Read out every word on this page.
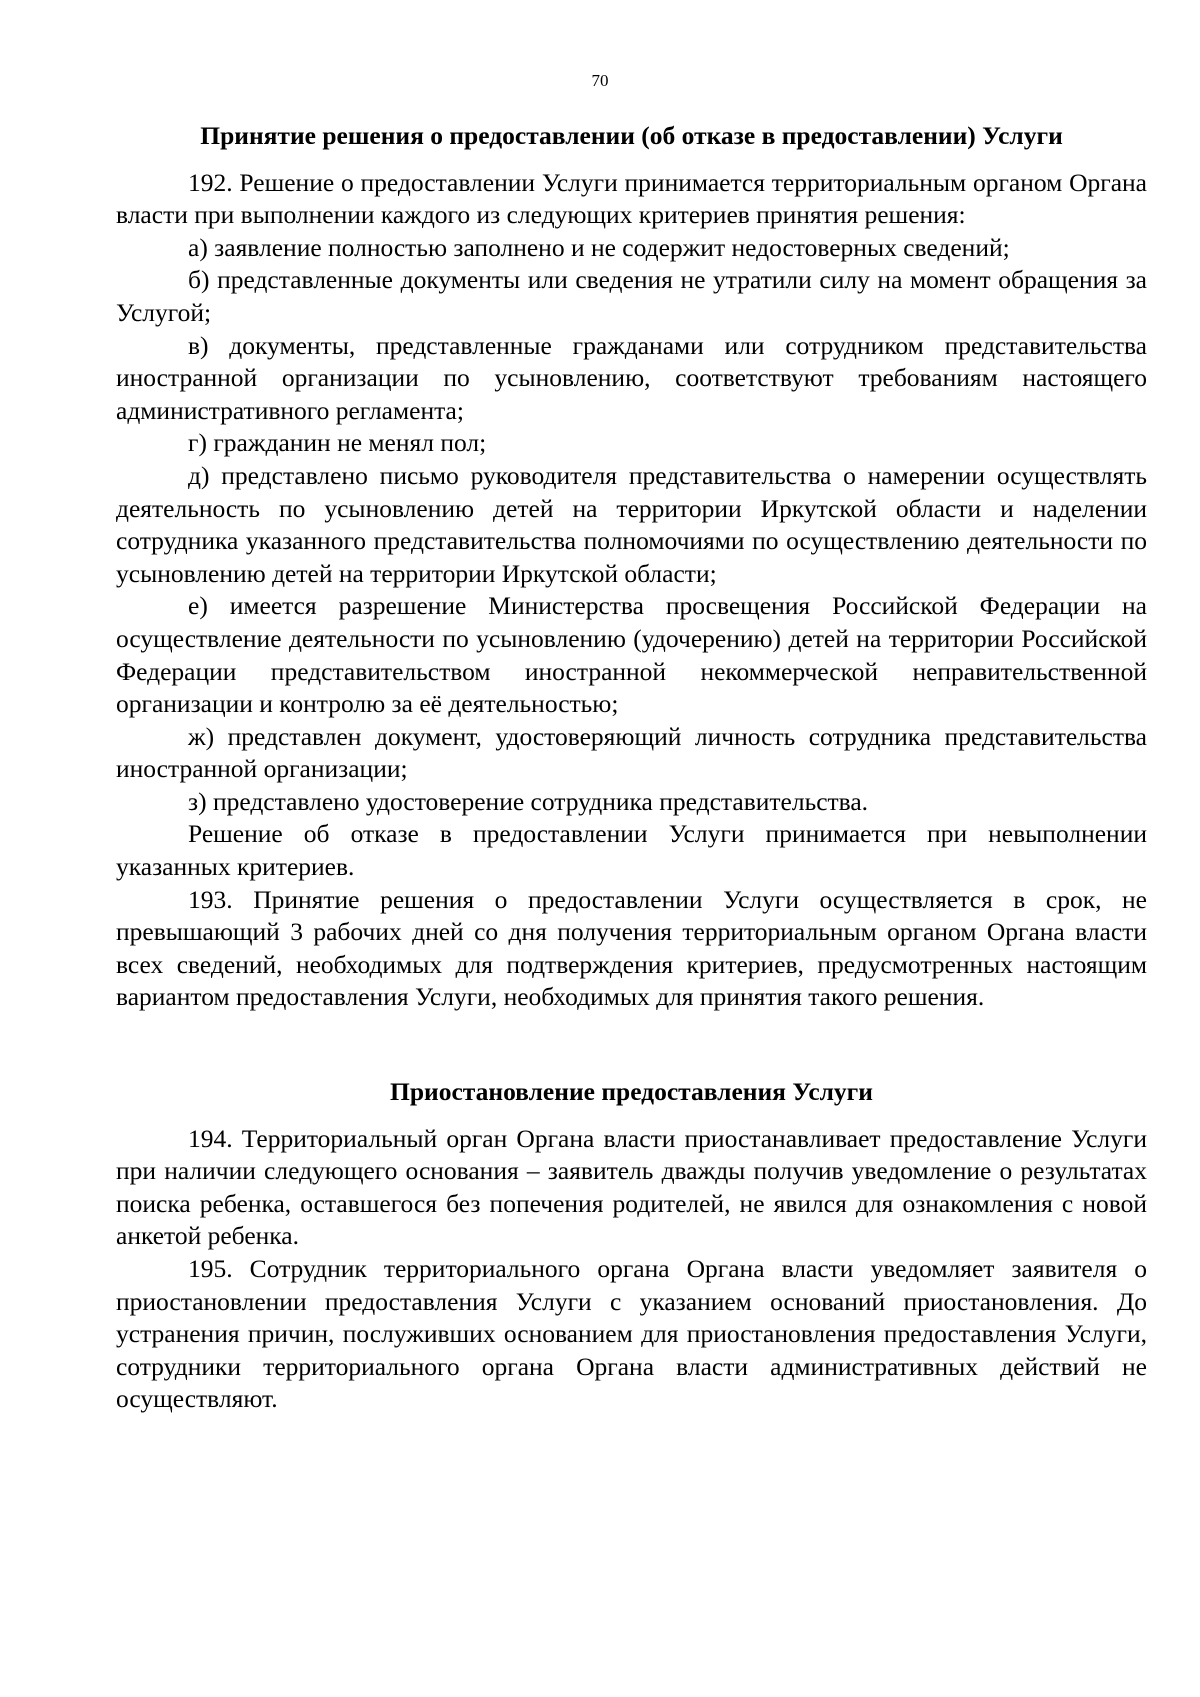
70

Принятие решения о предоставлении (об отказе в предоставлении) Услуги

192. Решение о предоставлении Услуги принимается территориальным органом Органа власти при выполнении каждого из следующих критериев принятия решения:

а) заявление полностью заполнено и не содержит недостоверных сведений;

б) представленные документы или сведения не утратили силу на момент обращения за Услугой;

в) документы, представленные гражданами или сотрудником представительства иностранной организации по усыновлению, соответствуют требованиям настоящего административного регламента;

г) гражданин не менял пол;

д) представлено письмо руководителя представительства о намерении осуществлять деятельность по усыновлению детей на территории Иркутской области и наделении сотрудника указанного представительства полномочиями по осуществлению деятельности по усыновлению детей на территории Иркутской области;

е) имеется разрешение Министерства просвещения Российской Федерации на осуществление деятельности по усыновлению (удочерению) детей на территории Российской Федерации представительством иностранной некоммерческой неправительственной организации и контролю за её деятельностью;

ж) представлен документ, удостоверяющий личность сотрудника представительства иностранной организации;

з) представлено удостоверение сотрудника представительства.

Решение об отказе в предоставлении Услуги принимается при невыполнении указанных критериев.

193. Принятие решения о предоставлении Услуги осуществляется в срок, не превышающий 3 рабочих дней со дня получения территориальным органом Органа власти всех сведений, необходимых для подтверждения критериев, предусмотренных настоящим вариантом предоставления Услуги, необходимых для принятия такого решения.

Приостановление предоставления Услуги

194. Территориальный орган Органа власти приостанавливает предоставление Услуги при наличии следующего основания – заявитель дважды получив уведомление о результатах поиска ребенка, оставшегося без попечения родителей, не явился для ознакомления с новой анкетой ребенка.

195. Сотрудник территориального органа Органа власти уведомляет заявителя о приостановлении предоставления Услуги с указанием оснований приостановления. До устранения причин, послуживших основанием для приостановления предоставления Услуги, сотрудники территориального органа Органа власти административных действий не осуществляют.
